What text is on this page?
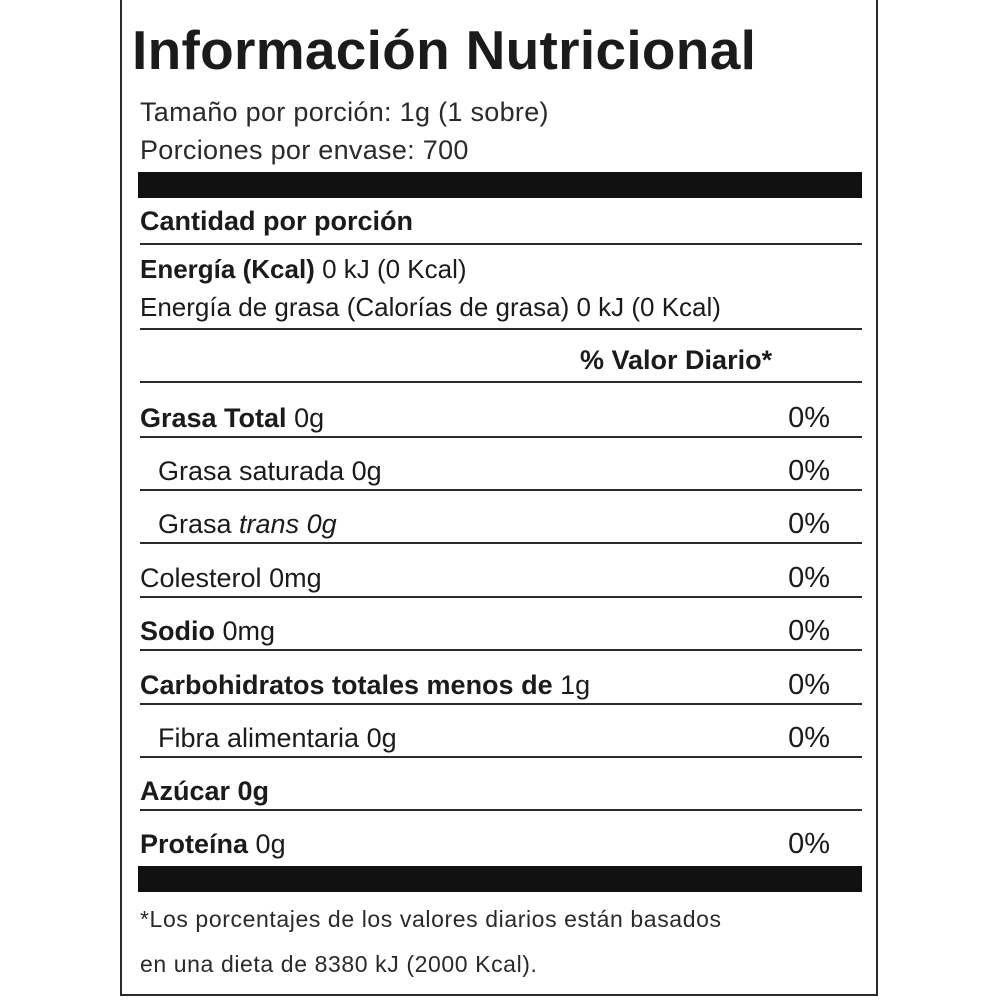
Información Nutricional
Tamaño por porción: 1g (1 sobre)
Porciones por envase: 700
Cantidad por porción
Energía (Kcal) 0 kJ (0 Kcal)
Energía de grasa (Calorías de grasa) 0 kJ (0 Kcal)
% Valor Diario*
Grasa Total 0g	0%
Grasa saturada 0g	0%
Grasa trans 0g	0%
Colesterol 0mg	0%
Sodio 0mg	0%
Carbohidratos totales menos de 1g	0%
Fibra alimentaria 0g	0%
Azúcar 0g
Proteína 0g	0%
*Los porcentajes de los valores diarios están basados
en una dieta de 8380 kJ (2000 Kcal).
